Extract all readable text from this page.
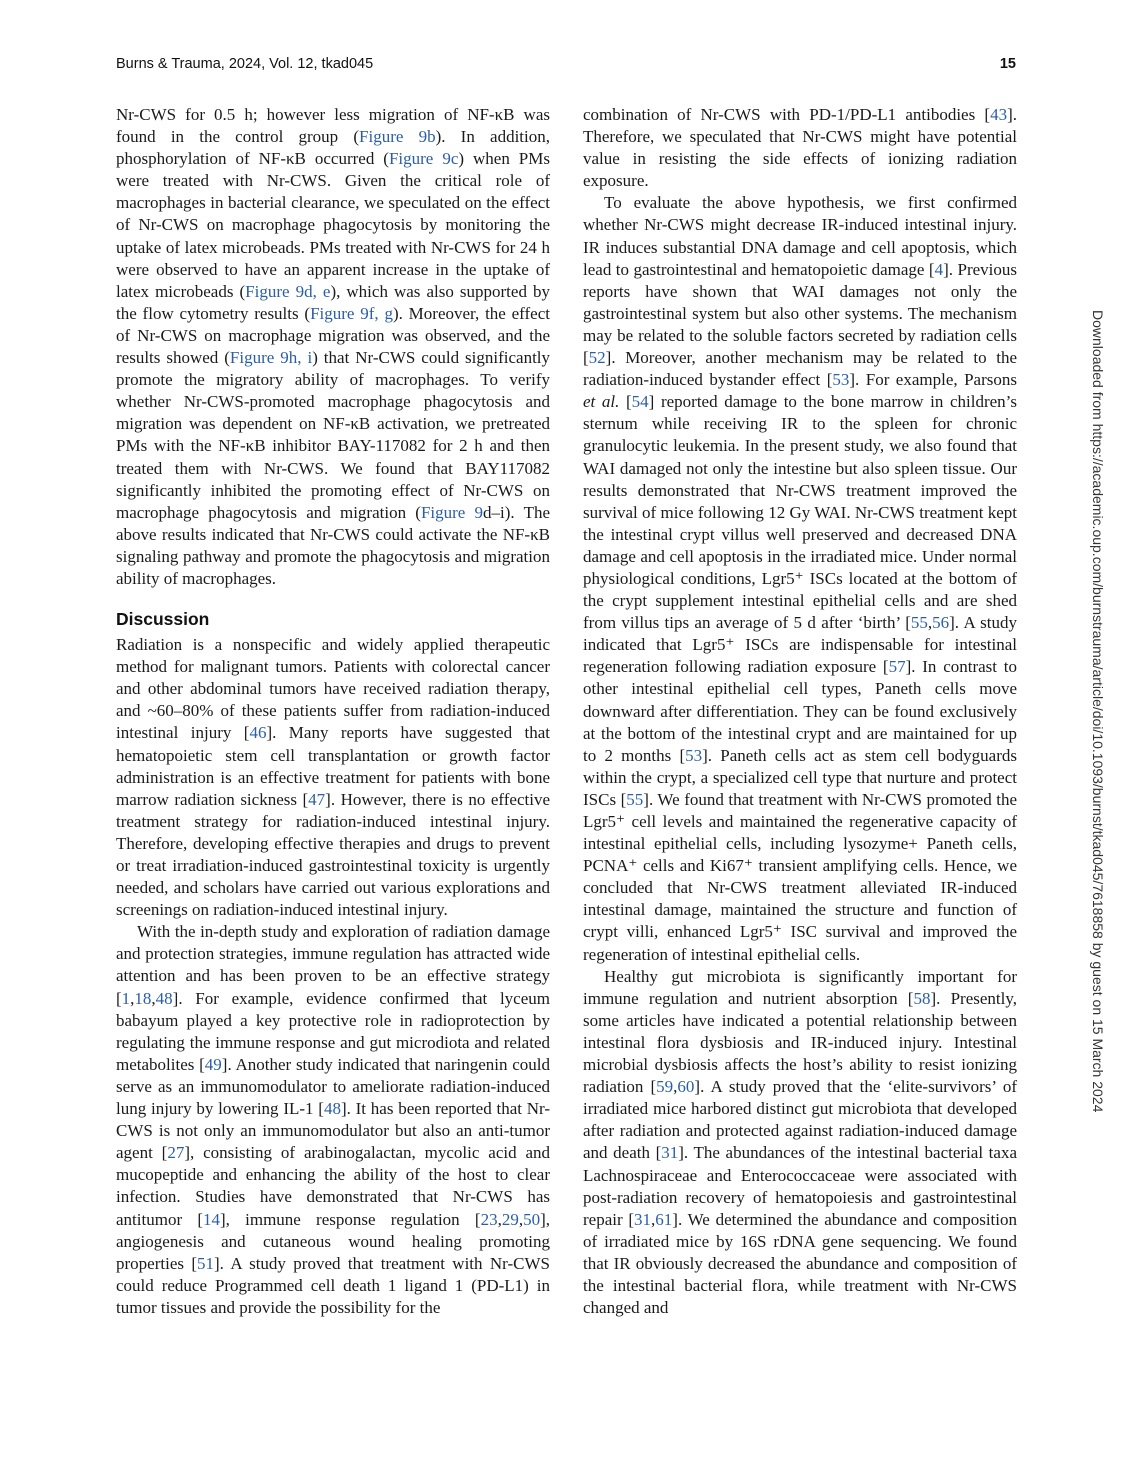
Burns & Trauma, 2024, Vol. 12, tkad045	15

Nr-CWS for 0.5 h; however less migration of NF-κB was found in the control group (Figure 9b). In addition, phosphorylation of NF-κB occurred (Figure 9c) when PMs were treated with Nr-CWS. Given the critical role of macrophages in bacterial clearance, we speculated on the effect of Nr-CWS on macrophage phagocytosis by monitoring the uptake of latex microbeads. PMs treated with Nr-CWS for 24 h were observed to have an apparent increase in the uptake of latex microbeads (Figure 9d, e), which was also supported by the flow cytometry results (Figure 9f, g). Moreover, the effect of Nr-CWS on macrophage migration was observed, and the results showed (Figure 9h, i) that Nr-CWS could significantly promote the migratory ability of macrophages. To verify whether Nr-CWS-promoted macrophage phagocytosis and migration was dependent on NF-κB activation, we pretreated PMs with the NF-κB inhibitor BAY-117082 for 2 h and then treated them with Nr-CWS. We found that BAY117082 significantly inhibited the promoting effect of Nr-CWS on macrophage phagocytosis and migration (Figure 9d–i). The above results indicated that Nr-CWS could activate the NF-κB signaling pathway and promote the phagocytosis and migration ability of macrophages.

Discussion

Radiation is a nonspecific and widely applied therapeutic method for malignant tumors. Patients with colorectal cancer and other abdominal tumors have received radiation therapy, and ~60–80% of these patients suffer from radiation-induced intestinal injury [46]. Many reports have suggested that hematopoietic stem cell transplantation or growth factor administration is an effective treatment for patients with bone marrow radiation sickness [47]. However, there is no effective treatment strategy for radiation-induced intestinal injury. Therefore, developing effective therapies and drugs to prevent or treat irradiation-induced gastrointestinal toxicity is urgently needed, and scholars have carried out various explorations and screenings on radiation-induced intestinal injury.

With the in-depth study and exploration of radiation damage and protection strategies, immune regulation has attracted wide attention and has been proven to be an effective strategy [1,18,48]. For example, evidence confirmed that lyceum babayum played a key protective role in radioprotection by regulating the immune response and gut microdiota and related metabolites [49]. Another study indicated that naringenin could serve as an immunomodulator to ameliorate radiation-induced lung injury by lowering IL-1 [48]. It has been reported that Nr-CWS is not only an immunomodulator but also an anti-tumor agent [27], consisting of arabinogalactan, mycolic acid and mucopeptide and enhancing the ability of the host to clear infection. Studies have demonstrated that Nr-CWS has antitumor [14], immune response regulation [23,29,50], angiogenesis and cutaneous wound healing promoting properties [51]. A study proved that treatment with Nr-CWS could reduce Programmed cell death 1 ligand 1 (PD-L1) in tumor tissues and provide the possibility for the

combination of Nr-CWS with PD-1/PD-L1 antibodies [43]. Therefore, we speculated that Nr-CWS might have potential value in resisting the side effects of ionizing radiation exposure.

To evaluate the above hypothesis, we first confirmed whether Nr-CWS might decrease IR-induced intestinal injury. IR induces substantial DNA damage and cell apoptosis, which lead to gastrointestinal and hematopoietic damage [4]. Previous reports have shown that WAI damages not only the gastrointestinal system but also other systems. The mechanism may be related to the soluble factors secreted by radiation cells [52]. Moreover, another mechanism may be related to the radiation-induced bystander effect [53]. For example, Parsons et al. [54] reported damage to the bone marrow in children’s sternum while receiving IR to the spleen for chronic granulocytic leukemia. In the present study, we also found that WAI damaged not only the intestine but also spleen tissue. Our results demonstrated that Nr-CWS treatment improved the survival of mice following 12 Gy WAI. Nr-CWS treatment kept the intestinal crypt villus well preserved and decreased DNA damage and cell apoptosis in the irradiated mice. Under normal physiological conditions, Lgr5⁺ ISCs located at the bottom of the crypt supplement intestinal epithelial cells and are shed from villus tips an average of 5 d after ‘birth’ [55,56]. A study indicated that Lgr5⁺ ISCs are indispensable for intestinal regeneration following radiation exposure [57]. In contrast to other intestinal epithelial cell types, Paneth cells move downward after differentiation. They can be found exclusively at the bottom of the intestinal crypt and are maintained for up to 2 months [53]. Paneth cells act as stem cell bodyguards within the crypt, a specialized cell type that nurture and protect ISCs [55]. We found that treatment with Nr-CWS promoted the Lgr5⁺ cell levels and maintained the regenerative capacity of intestinal epithelial cells, including lysozyme+ Paneth cells, PCNA⁺ cells and Ki67⁺ transient amplifying cells. Hence, we concluded that Nr-CWS treatment alleviated IR-induced intestinal damage, maintained the structure and function of crypt villi, enhanced Lgr5⁺ ISC survival and improved the regeneration of intestinal epithelial cells.

Healthy gut microbiota is significantly important for immune regulation and nutrient absorption [58]. Presently, some articles have indicated a potential relationship between intestinal flora dysbiosis and IR-induced injury. Intestinal microbial dysbiosis affects the host’s ability to resist ionizing radiation [59,60]. A study proved that the ‘elite-survivors’ of irradiated mice harbored distinct gut microbiota that developed after radiation and protected against radiation-induced damage and death [31]. The abundances of the intestinal bacterial taxa Lachnospiraceae and Enterococcaceae were associated with post-radiation recovery of hematopoiesis and gastrointestinal repair [31,61]. We determined the abundance and composition of irradiated mice by 16S rDNA gene sequencing. We found that IR obviously decreased the abundance and composition of the intestinal bacterial flora, while treatment with Nr-CWS changed and

Downloaded from https://academic.oup.com/burnstrauma/article/doi/10.1093/burnst/tkad045/7618858 by guest on 15 March 2024
